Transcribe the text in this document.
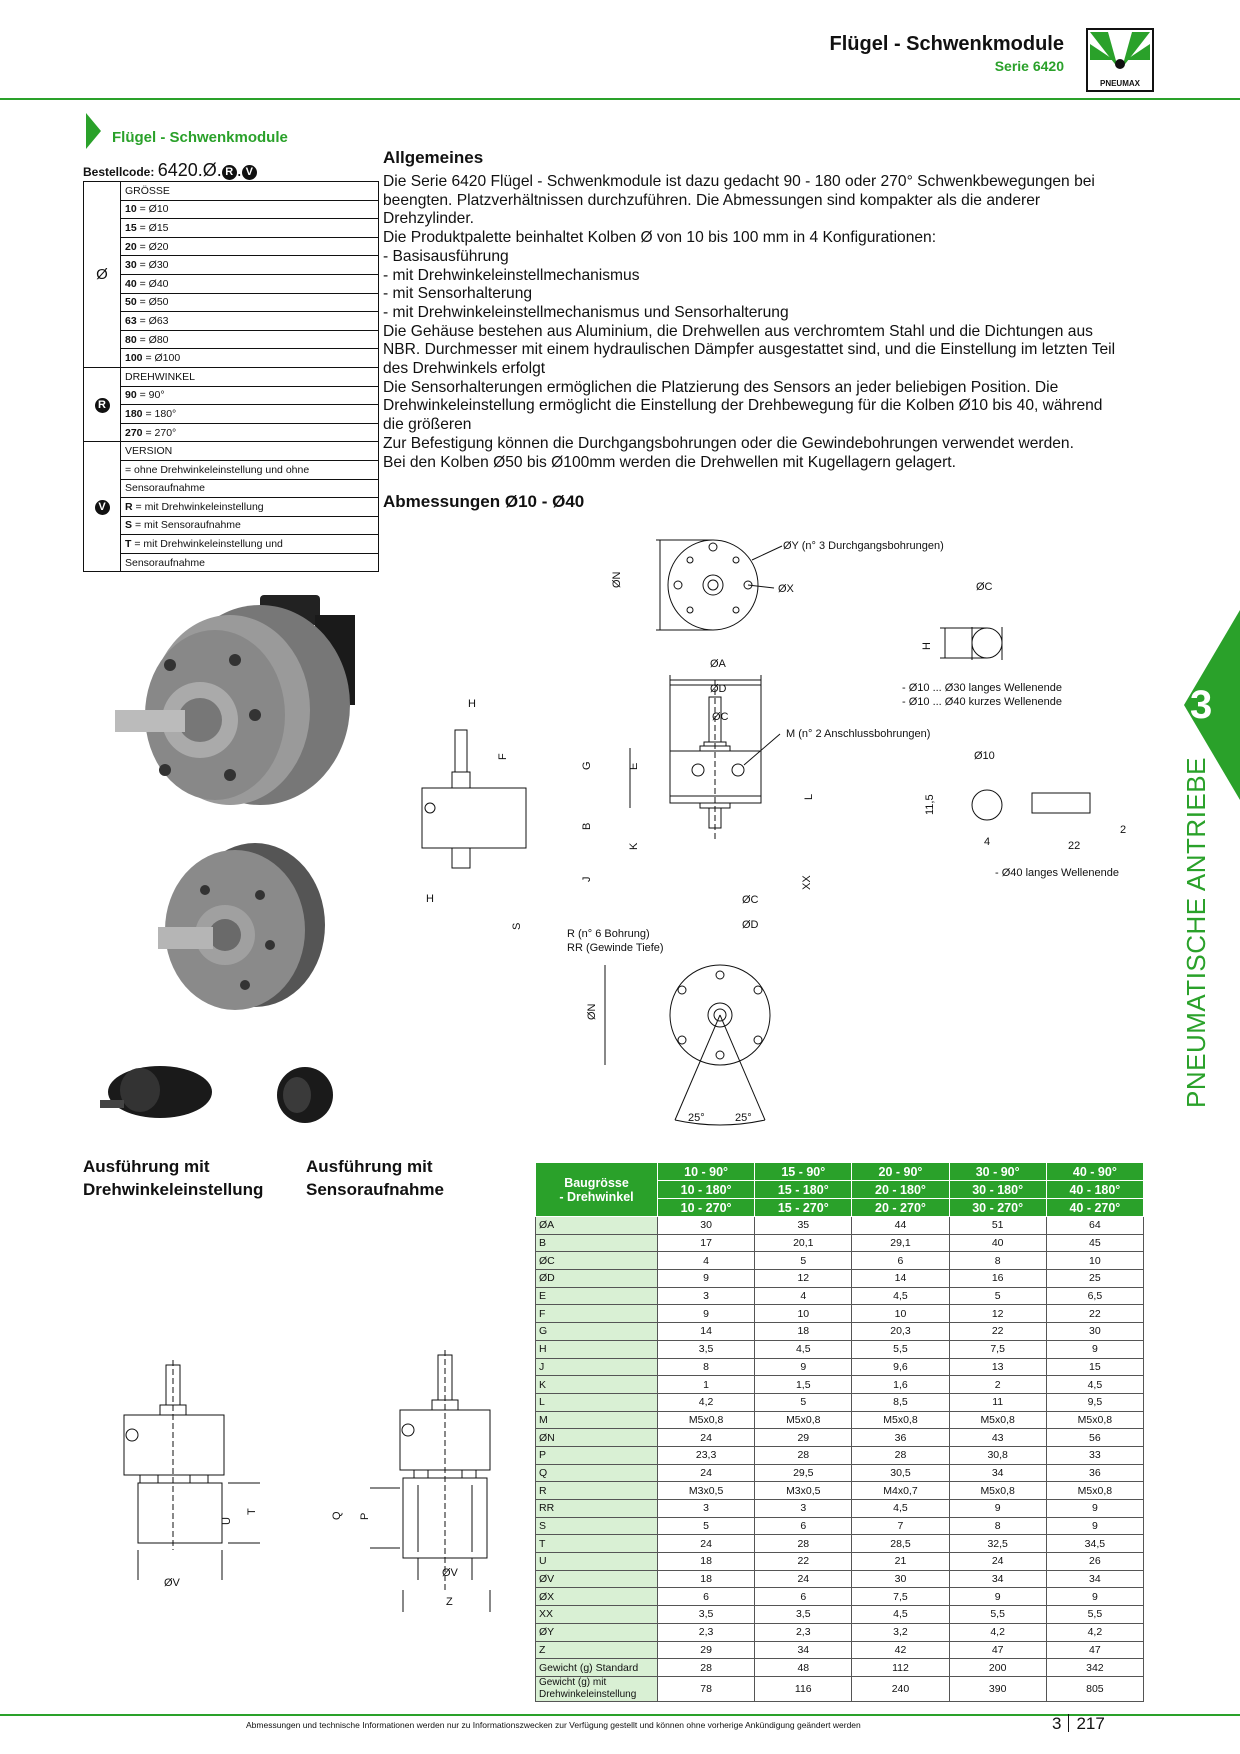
Flügel - Schwenkmodule
Serie 6420
PNEUMAX
3
PNEUMATISCHE ANTRIEBE
Flügel - Schwenkmodule
Bestellcode: 6420.Ø. R . V
Ø	GRÖSSE
	10 = Ø10
	15 = Ø15
	20 = Ø20
	30 = Ø30
	40 = Ø40
	50 = Ø50
	63 = Ø63
	80 = Ø80
	100 = Ø100
R	DREHWINKEL
	90 = 90°
	180 = 180°
	270 = 270°
V	VERSION
	= ohne Drehwinkeleinstellung und ohne
	Sensoraufnahme
	R = mit Drehwinkeleinstellung
	S = mit Sensoraufnahme
	T = mit Drehwinkeleinstellung und
	Sensoraufnahme
Allgemeines
Die Serie 6420 Flügel - Schwenkmodule ist dazu gedacht 90 - 180 oder 270° Schwenkbewegungen bei
beengten. Platzverhältnissen durchzuführen. Die Abmessungen sind kompakter als die anderer
Drehzylinder.
Die Produktpalette beinhaltet Kolben Ø von 10 bis 100 mm in 4 Konfigurationen:
- Basisausführung
- mit Drehwinkeleinstellmechanismus
- mit Sensorhalterung
- mit Drehwinkeleinstellmechanismus und Sensorhalterung
Die Gehäuse bestehen aus Aluminium, die Drehwellen aus verchromtem Stahl und die Dichtungen aus
NBR. Durchmesser mit einem hydraulischen Dämpfer ausgestattet sind, und die Einstellung im letzten Teil
des Drehwinkels erfolgt
Die Sensorhalterungen ermöglichen die Platzierung des Sensors an jeder beliebigen Position. Die
Drehwinkeleinstellung ermöglicht die Einstellung der Drehbewegung für die Kolben Ø10 bis 40, während
die größeren
Zur Befestigung können die Durchgangsbohrungen oder die Gewindebohrungen verwendet werden.
Bei den Kolben Ø50 bis Ø100mm werden die Drehwellen mit Kugellagern gelagert.
Abmessungen Ø10 - Ø40
Ausführung mit
Drehwinkeleinstellung
Ausführung mit
Sensoraufnahme
ØY (n° 3 Durchgangsbohrungen)
ØX
ØN	ØC
H
- Ø10 ... Ø30 langes Wellenende
- Ø10 ... Ø40 kurzes Wellenende
ØA
ØD
ØC
M (n° 2 Anschlussbohrungen)
G
B
E
K
J
L
XX
ØC
ØD
H
F
H
S
Ø10
11,5
4	22
2
- Ø40 langes Wellenende
R (n° 6 Bohrung)
RR (Gewinde Tiefe)
ØN
25°	25°
U
T
ØV
Q P
ØV
Z
Baugrösse
- Drehwinkel	10 - 90°	15 - 90°	20 - 90°	30 - 90°	40 - 90°
	10 - 180°	15 - 180°	20 - 180°	30 - 180°	40 - 180°
	10 - 270°	15 - 270°	20 - 270°	30 - 270°	40 - 270°
ØA	30	35	44	51	64
B	17	20,1	29,1	40	45
ØC	4	5	6	8	10
ØD	9	12	14	16	25
E	3	4	4,5	5	6,5
F	9	10	10	12	22
G	14	18	20,3	22	30
H	3,5	4,5	5,5	7,5	9
J	8	9	9,6	13	15
K	1	1,5	1,6	2	4,5
L	4,2	5	8,5	11	9,5
M	M5x0,8	M5x0,8	M5x0,8	M5x0,8	M5x0,8
ØN	24	29	36	43	56
P	23,3	28	28	30,8	33
Q	24	29,5	30,5	34	36
R	M3x0,5	M3x0,5	M4x0,7	M5x0,8	M5x0,8
RR	3	3	4,5	9	9
S	5	6	7	8	9
T	24	28	28,5	32,5	34,5
U	18	22	21	24	26
ØV	18	24	30	34	34
ØX	6	6	7,5	9	9
XX	3,5	3,5	4,5	5,5	5,5
ØY	2,3	2,3	3,2	4,2	4,2
Z	29	34	42	47	47
Gewicht (g) Standard	28	48	112	200	342

Gewicht (g) mit
Drehwinkeleinstellung	78	116	240	390	805
Abmessungen und technische Informationen werden nur zu Informationszwecken zur Verfügung gestellt und können ohne vorherige Ankündigung geändert werden	3 217
